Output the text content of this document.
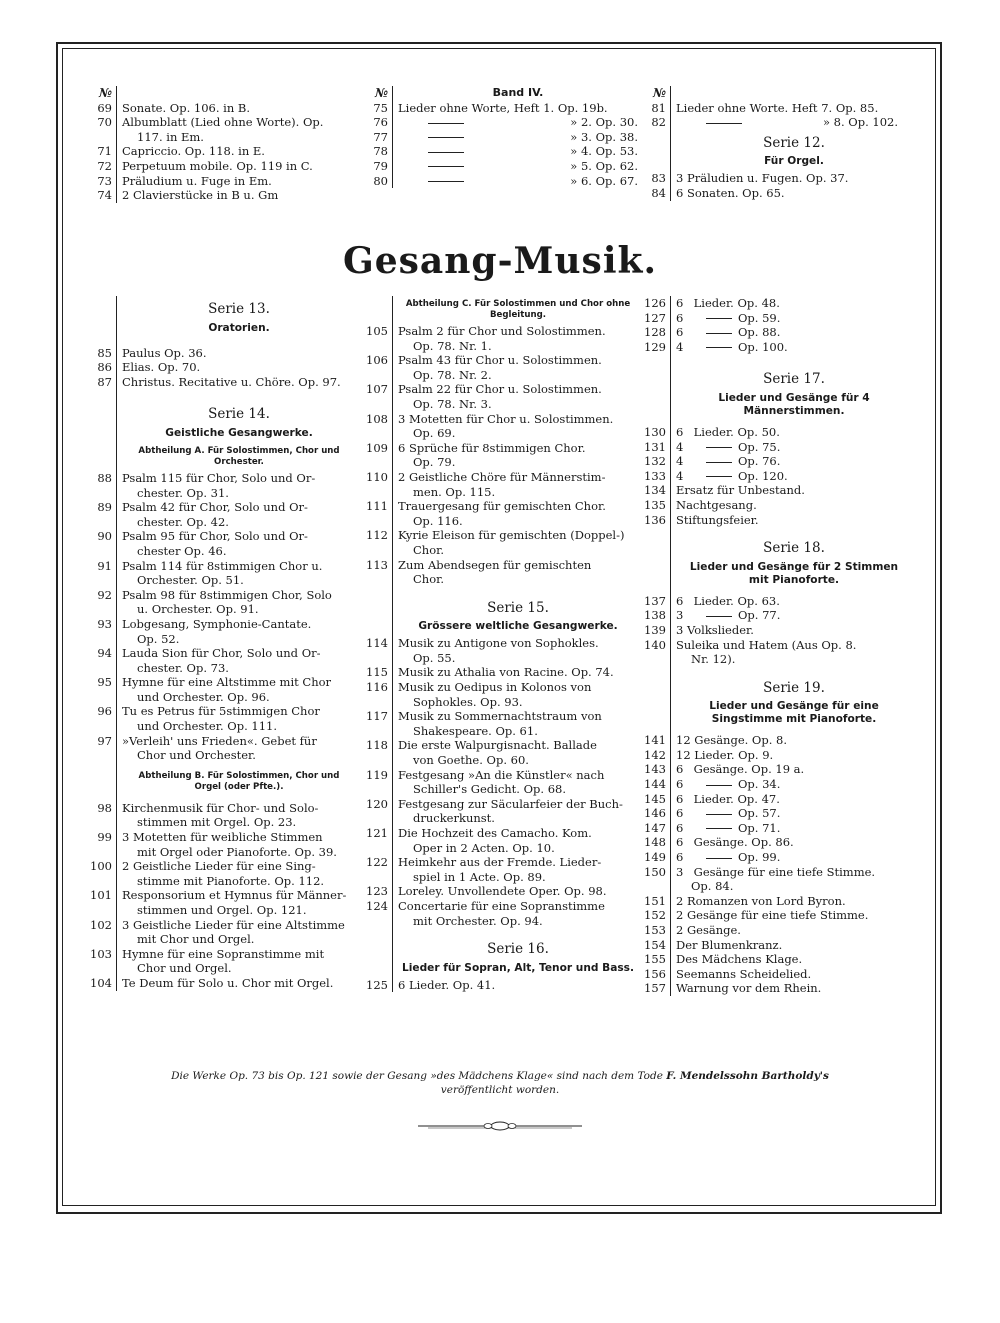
№
69 Sonate. Op. 106. in B.
70 Albumblatt (Lied ohne Worte). Op.
117. in Em.
71 Capriccio. Op. 118. in E.
72 Perpetuum mobile. Op. 119 in C.
73 Präludium u. Fuge in Em.
74 2 Clavierstücke in B u. Gm
№	Band IV.
75 Lieder ohne Worte, Heft 1. Op. 19b.
76	» 2. Op. 30.
77	» 3. Op. 38.
78	» 4. Op. 53.
79	» 5. Op. 62.
80	» 6. Op. 67.
№
81 Lieder ohne Worte. Heft 7. Op. 85.
82	» 8. Op. 102.
Serie 12.
Für Orgel.
83 3 Präludien u. Fugen. Op. 37.
84 6 Sonaten. Op. 65.
Gesang-Musik.
Serie 13.
Oratorien.
85 Paulus Op. 36.
86 Elias. Op. 70.
87 Christus. Recitative u. Chöre. Op. 97.
Serie 14.
Geistliche Gesangwerke.
Abtheilung A. Für Solostimmen, Chor und Orchester.
88 Psalm 115 für Chor, Solo und Or-
chester. Op. 31.
89 Psalm 42 für Chor, Solo und Or-
chester. Op. 42.
90 Psalm 95 für Chor, Solo und Or-
chester Op. 46.
91 Psalm 114 für 8stimmigen Chor u.
Orchester. Op. 51.
92 Psalm 98 für 8stimmigen Chor, Solo
u. Orchester. Op. 91.
93 Lobgesang, Symphonie-Cantate.
Op. 52.
94 Lauda Sion für Chor, Solo und Or-
chester. Op. 73.
95 Hymne für eine Altstimme mit Chor
und Orchester. Op. 96.
96 Tu es Petrus für 5stimmigen Chor
und Orchester. Op. 111.
97 »Verleih' uns Frieden«. Gebet für
Chor und Orchester.
Abtheilung B. Für Solostimmen, Chor und Orgel (oder Pfte.).
98 Kirchenmusik für Chor- und Solo-
stimmen mit Orgel. Op. 23.
99 3 Motetten für weibliche Stimmen
mit Orgel oder Pianoforte. Op. 39.
100 2 Geistliche Lieder für eine Sing-
stimme mit Pianoforte. Op. 112.
101 Responsorium et Hymnus für Männer-
stimmen und Orgel. Op. 121.
102 3 Geistliche Lieder für eine Altstimme
mit Chor und Orgel.
103 Hymne für eine Sopranstimme mit
Chor und Orgel.
104 Te Deum für Solo u. Chor mit Orgel.
Abtheilung C. Für Solostimmen und Chor ohne Begleitung.
105 Psalm 2 für Chor und Solostimmen.
Op. 78. Nr. 1.
106 Psalm 43 für Chor u. Solostimmen.
Op. 78. Nr. 2.
107 Psalm 22 für Chor u. Solostimmen.
Op. 78. Nr. 3.
108 3 Motetten für Chor u. Solostimmen.
Op. 69.
109 6 Sprüche für 8stimmigen Chor.
Op. 79.
110 2 Geistliche Chöre für Männerstim-
men. Op. 115.
111 Trauergesang für gemischten Chor.
Op. 116.
112 Kyrie Eleison für gemischten (Doppel-)
Chor.
113 Zum Abendsegen für gemischten
Chor.
Serie 15.
Grössere weltliche Gesangwerke.
114 Musik zu Antigone von Sophokles.
Op. 55.
115 Musik zu Athalia von Racine. Op. 74.
116 Musik zu Oedipus in Kolonos von
Sophokles. Op. 93.
117 Musik zu Sommernachtstraum von
Shakespeare. Op. 61.
118 Die erste Walpurgisnacht. Ballade
von Goethe. Op. 60.
119 Festgesang »An die Künstler« nach
Schiller's Gedicht. Op. 68.
120 Festgesang zur Säcularfeier der Buch-
druckerkunst.
121 Die Hochzeit des Camacho. Kom.
Oper in 2 Acten. Op. 10.
122 Heimkehr aus der Fremde. Lieder-
spiel in 1 Acte. Op. 89.
123 Loreley. Unvollendete Oper. Op. 98.
124 Concertarie für eine Sopranstimme
mit Orchester. Op. 94.
Serie 16.
Lieder für Sopran, Alt, Tenor und Bass.
125 6 Lieder. Op. 41.
126 6 Lieder. Op. 48.
127 6	Op. 59.
128 6	Op. 88.
129 4	Op. 100.
Serie 17.
Lieder und Gesänge für 4 Männerstimmen.
130 6 Lieder. Op. 50.
131 4	Op. 75.
132 4	Op. 76.
133 4	Op. 120.
134 Ersatz für Unbestand.
135 Nachtgesang.
136 Stiftungsfeier.
Serie 18.
Lieder und Gesänge für 2 Stimmen mit Pianoforte.
137 6 Lieder. Op. 63.
138 3	Op. 77.
139 3 Volkslieder.
140 Suleika und Hatem (Aus Op. 8.
Nr. 12).
Serie 19.
Lieder und Gesänge für eine Singstimme mit Pianoforte.
141 12 Gesänge. Op. 8.
142 12 Lieder. Op. 9.
143 6 Gesänge. Op. 19 a.
144 6	Op. 34.
145 6 Lieder. Op. 47.
146 6	Op. 57.
147 6	Op. 71.
148 6 Gesänge. Op. 86.
149 6	Op. 99.
150 3 Gesänge für eine tiefe Stimme.
Op. 84.
151 2 Romanzen von Lord Byron.
152 2 Gesänge für eine tiefe Stimme.
153 2 Gesänge.
154 Der Blumenkranz.
155 Des Mädchens Klage.
156 Seemanns Scheidelied.
157 Warnung vor dem Rhein.
Die Werke Op. 73 bis Op. 121 sowie der Gesang »des Mädchens Klage« sind nach dem Tode F. Mendelssohn Bartholdy's
veröffentlicht worden.
